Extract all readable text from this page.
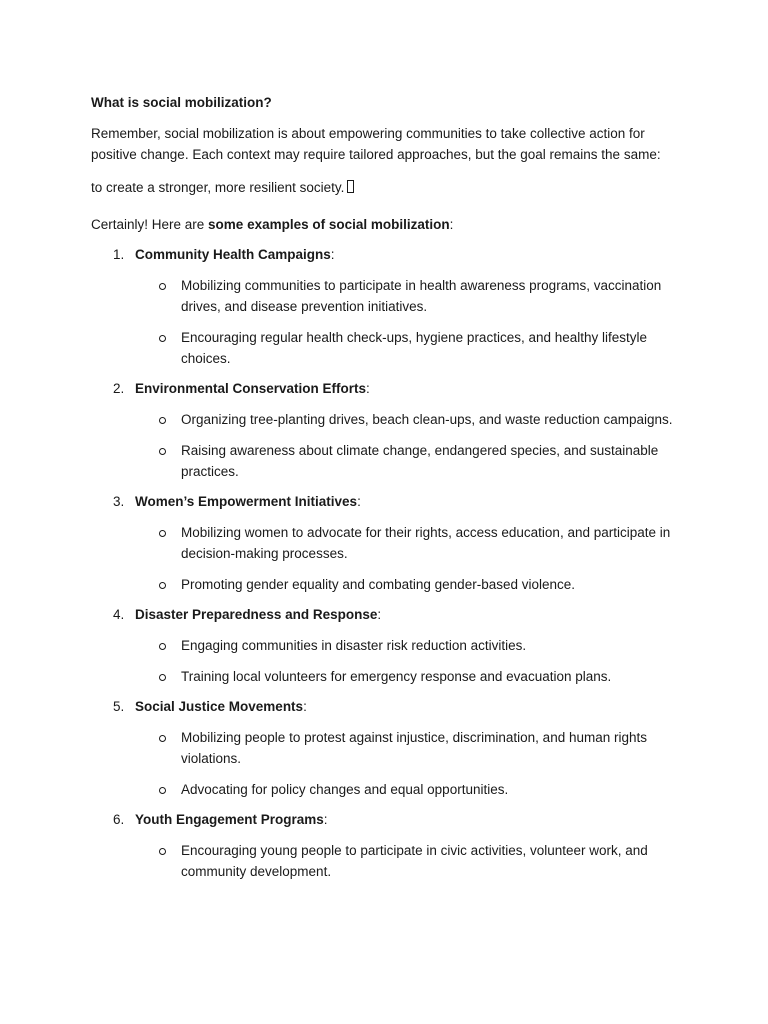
What is social mobilization?

Remember, social mobilization is about empowering communities to take collective action for positive change. Each context may require tailored approaches, but the goal remains the same:

to create a stronger, more resilient society.

Certainly! Here are some examples of social mobilization:

1. Community Health Campaigns:
Mobilizing communities to participate in health awareness programs, vaccination drives, and disease prevention initiatives.
Encouraging regular health check-ups, hygiene practices, and healthy lifestyle choices.
2. Environmental Conservation Efforts:
Organizing tree-planting drives, beach clean-ups, and waste reduction campaigns.
Raising awareness about climate change, endangered species, and sustainable practices.
3. Women’s Empowerment Initiatives:
Mobilizing women to advocate for their rights, access education, and participate in decision-making processes.
Promoting gender equality and combating gender-based violence.
4. Disaster Preparedness and Response:
Engaging communities in disaster risk reduction activities.
Training local volunteers for emergency response and evacuation plans.
5. Social Justice Movements:
Mobilizing people to protest against injustice, discrimination, and human rights violations.
Advocating for policy changes and equal opportunities.
6. Youth Engagement Programs:
Encouraging young people to participate in civic activities, volunteer work, and community development.
